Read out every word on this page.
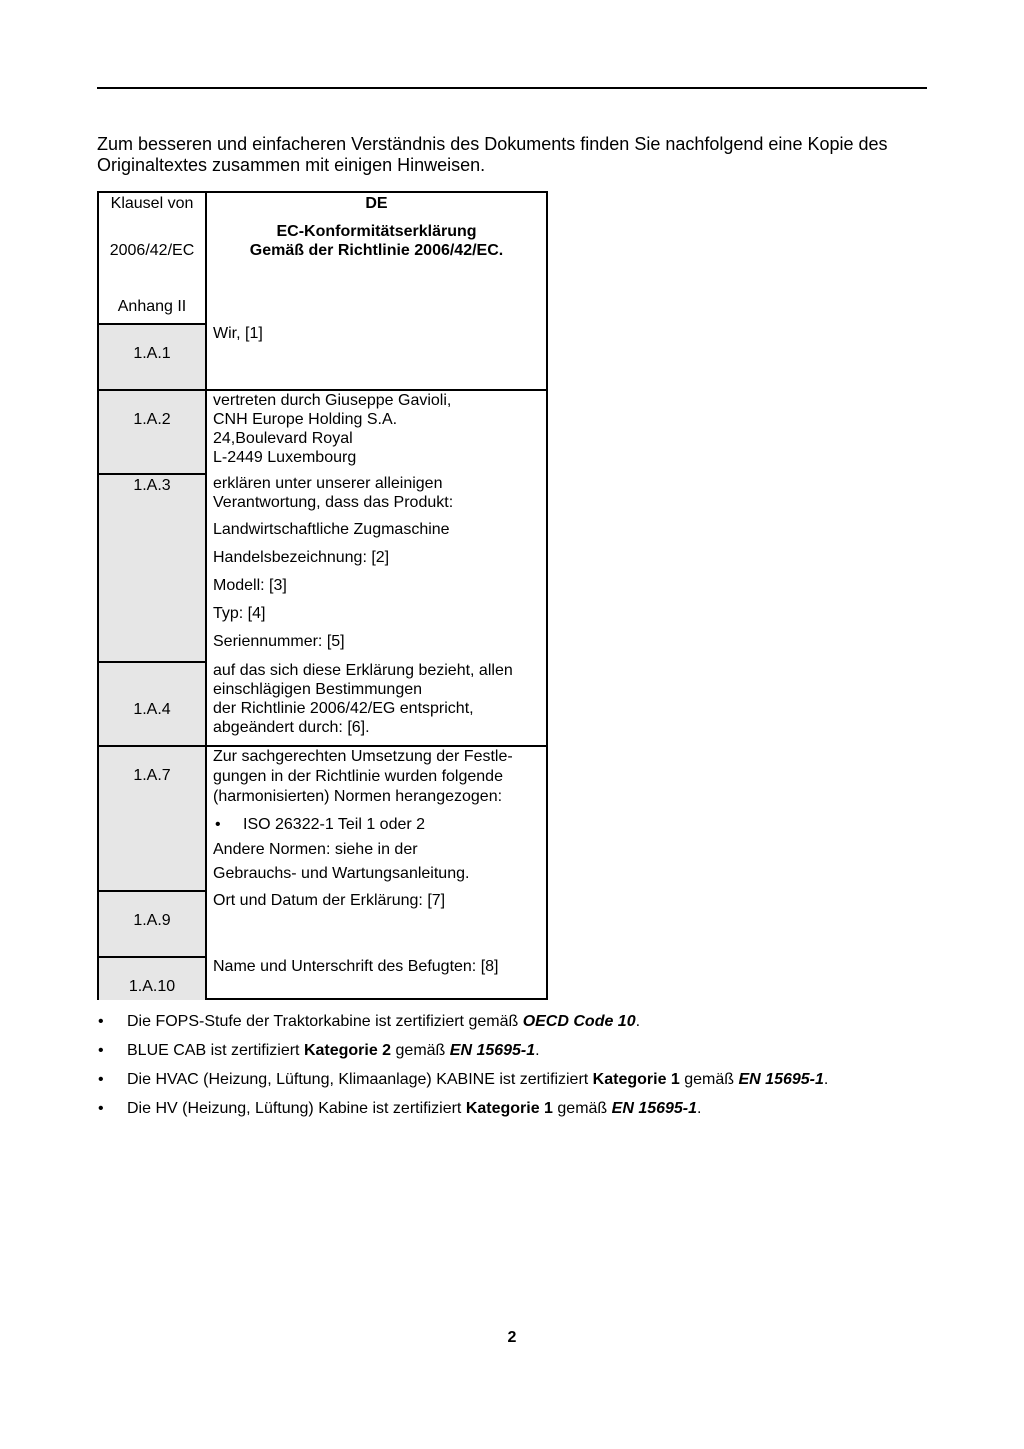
Zum besseren und einfacheren Verständnis des Dokuments finden Sie nachfolgend eine Kopie des Originaltextes zusammen mit einigen Hinweisen.
Klausel von
2006/42/EC
Anhang II
DE
EC-Konformitätserklärung
Gemäß der Richtlinie 2006/42/EC.
1.A.1
Wir, [1]
1.A.2
vertreten durch Giuseppe Gavioli,
CNH Europe Holding S.A.
24,Boulevard Royal
L-2449 Luxembourg
1.A.3	erklären unter unserer alleinigen
Verantwortung, dass das Produkt:
Landwirtschaftliche Zugmaschine
Handelsbezeichnung: [2]
Modell: [3]
Typ: [4]
Seriennummer: [5]
1.A.4
auf das sich diese Erklärung bezieht, allen
einschlägigen Bestimmungen
der Richtlinie 2006/42/EG entspricht,
abgeändert durch: [6].
1.A.7
Zur sachgerechten Umsetzung der Festle-
gungen in der Richtlinie wurden folgende
(harmonisierten) Normen herangezogen:
• ISO 26322-1 Teil 1 oder 2
Andere Normen: siehe in der
Gebrauchs- und Wartungsanleitung.
1.A.9
Ort und Datum der Erklärung: [7]
1.A.10
Name und Unterschrift des Befugten: [8]
• Die FOPS-Stufe der Traktorkabine ist zertifiziert gemäß OECD Code 10.
• BLUE CAB ist zertifiziert Kategorie 2 gemäß EN 15695-1.
• Die HVAC (Heizung, Lüftung, Klimaanlage) KABINE ist zertifiziert Kategorie 1 gemäß EN 15695-1.
• Die HV (Heizung, Lüftung) Kabine ist zertifiziert Kategorie 1 gemäß EN 15695-1.
2
